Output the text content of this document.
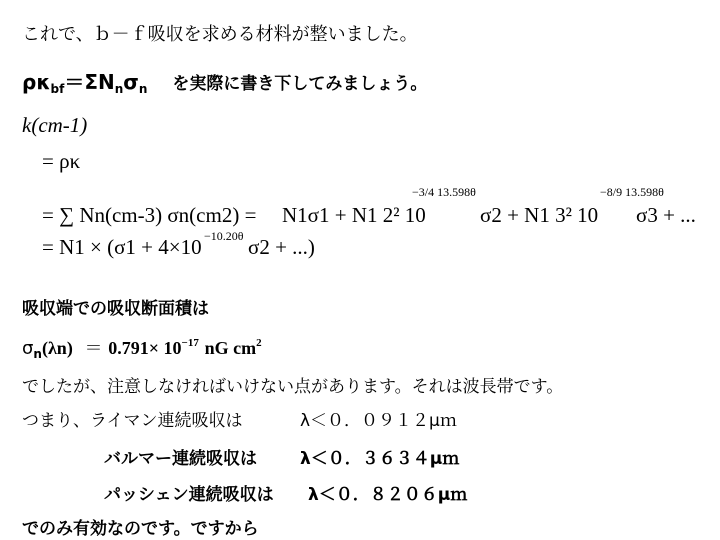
これで、ｂ－ｆ吸収を求める材料が整いました。
$\rho\kappa_{bf}=\Sigma N_n\sigma_n$ を実際に書き下してみましょう。
k(cm-1)
= ρκ
= ∑ Nn(cm-3) σn(cm2) = N1σ1 + N1 2² 10
−3/4 13.598θ
σ2 + N1 3² 10
−8/9 13.598θ
σ3 + ...
= N1 × (σ1 + 4×10 −10.20θ σ2 + ...)
吸収端での吸収断面積は
$\sigma_n(\lambda n) = 0.791\times 10^{-17}$ nG $cm^2$
でしたが、注意しなければいけない点があります。それは波長帯です。
つまり、ライマン連続吸収は	λ＜０．０９１２μｍ
バルマー連続吸収は	λ＜０．３６３４μｍ
パッシェン連続吸収は λ＜０．８２０６μｍ
でのみ有効なのです。ですから
